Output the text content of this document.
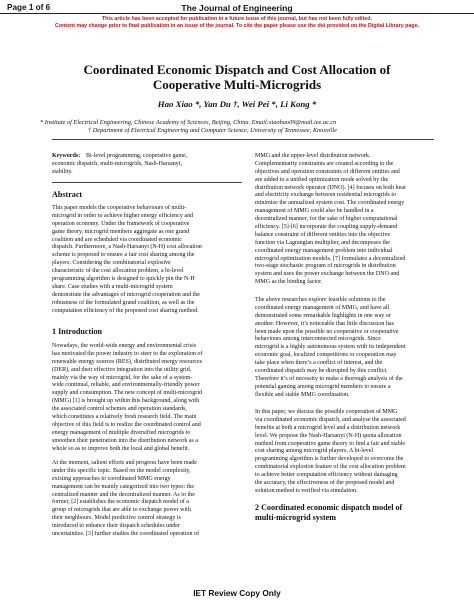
Page 1 of 6	The Journal of Engineering
This article has been accepted for publication in a future issue of this journal, but has not been fully edited.
Content may change prior to final publication in an issue of the journal. To cite the paper please use the doi provided on the Digital Library page.
Coordinated Economic Dispatch and Cost Allocation of
Cooperative Multi-Microgrids
Hao Xiao *, Yan Du †, Wei Pei *, Li Kong *
* Institute of Electrical Engineering, Chinese Academy of Sciences, Beijing, China. Email:xiaohao09@mail.iee.ac.cn
† Department of Electrical Engineering and Computer Science, University of Tennessee, Knoxville
Keywords: Bi-level programming, cooperative game,
economic dispatch, multi-microgrids, Nash-Harsanyi,
stability.
Abstract
This paper models the cooperative behaviours of multi-
microgrid in order to achieve higher energy efficiency and
operation economy. Under the framework of cooperative
game theory, microgrid members aggregate as one grand
coalition and are scheduled via coordinated economic
dispatch. Furthermore, a Nash-Harsanyi (N-H) cost allocation
scheme is proposed to ensure a fair cost sharing among the
players. Considering the combinatorial explosive
characteristic of the cost allocation problem, a bi-level
programming algorithm is designed to quickly pin the N-H
share. Case studies with a multi-microgrid system
demonstrate the advantages of microgrid cooperation and the
robustness of the formulated grand coalition, as well as the
computation efficiency of the proposed cost sharing method.
1 Introduction
Nowadays, the world-wide energy and environmental crisis
has motivated the power industry to steer to the exploration of
renewable energy sources (RES), distributed energy resources
(DER), and their effective integration into the utility grid,
mainly via the way of microgrid, for the sake of a system-
wide continual, reliable, and environmentally-friendly power
supply and consumption. The new concept of multi-microgrid
(MMG) [1] is brought up within this background, along with
the associated control schemes and operation standards,
which constitutes a relatively fresh research field. The main
objective of this field is to realize the coordinated control and
energy management of multiple diversified microgrids to
smoothen their penetration into the distribution network as a
whole so as to improve both the local and global benefit.
At the moment, salient efforts and progress have been made
under this specific topic. Based on the model complexity,
existing approaches to coordinated MMG energy
management can be mainly categorized into two types: the
centralized manner and the decentralized manner. As to the
former, [2] establishes the economic dispatch model of a
group of microgrids that are able to exchange power with
their neighbours. Model predictive control strategy is
introduced to enhance their dispatch schedules under
uncertainties. [3] further studies the coordinated operation of
MMG and the upper-level distribution network.
Complementarity constraints are created according to the
objectives and operation constraints of different entities and
are added to a unified optimization mode solved by the
distribution network operator (DNO). [4] focuses on both heat
and electricity exchange between residential microgrids to
minimize the annualized system cost. The coordinated energy
management of MMG could also be handled in a
decentralized manner, for the sake of higher computational
efficiency. [5]-[6] incorporate the coupling supply-demand
balance constraint of different entities into the objective
function via Lagrangian multiplier, and decomposes the
coordinated energy management problem into individual
microgrid optimization models. [7] formulates a decentralized
two-stage stochastic program of microgrids in distribution
system and uses the power exchange between the DNO and
MMG as the binding factor.
The above researches explore feasible solutions to the
coordinated energy management of MMG, and have all
demonstrated some remarkable highlights in one way or
another. However, it’s noticeable that little discussion has
been made upon the possible no cooperative or cooperative
behaviours among interconnected microgrids. Since
microgrid is a highly autonomous system with its independent
economic goal, localized competitions or cooperation may
take place when there’s a conflict of interest, and the
coordinated dispatch may be disrupted by this conflict.
Therefore it’s of necessity to make a thorough analysis of the
potential gaming among microgrid members to ensure a
flexible and stable MMG coordination.
In this paper, we discuss the possible cooperation of MMG
via coordinated economic dispatch, and analyse the associated
benefits at both a microgrid level and a distribution network
level. We propose the Nash-Harsanyi (N-H) quota allocation
method from cooperative game theory to find a fair and stable
cost sharing among microgrid players. A bi-level
programming algorithm is further developed to overcome the
combinatorial explosion feature of the cost allocation problem
to achieve better computation efficiency without damaging
the accuracy, the effectiveness of the proposed model and
solution method is verified via simulation.
2 Coordinated economic dispatch model of
multi-microgrid system
IET Review Copy Only
